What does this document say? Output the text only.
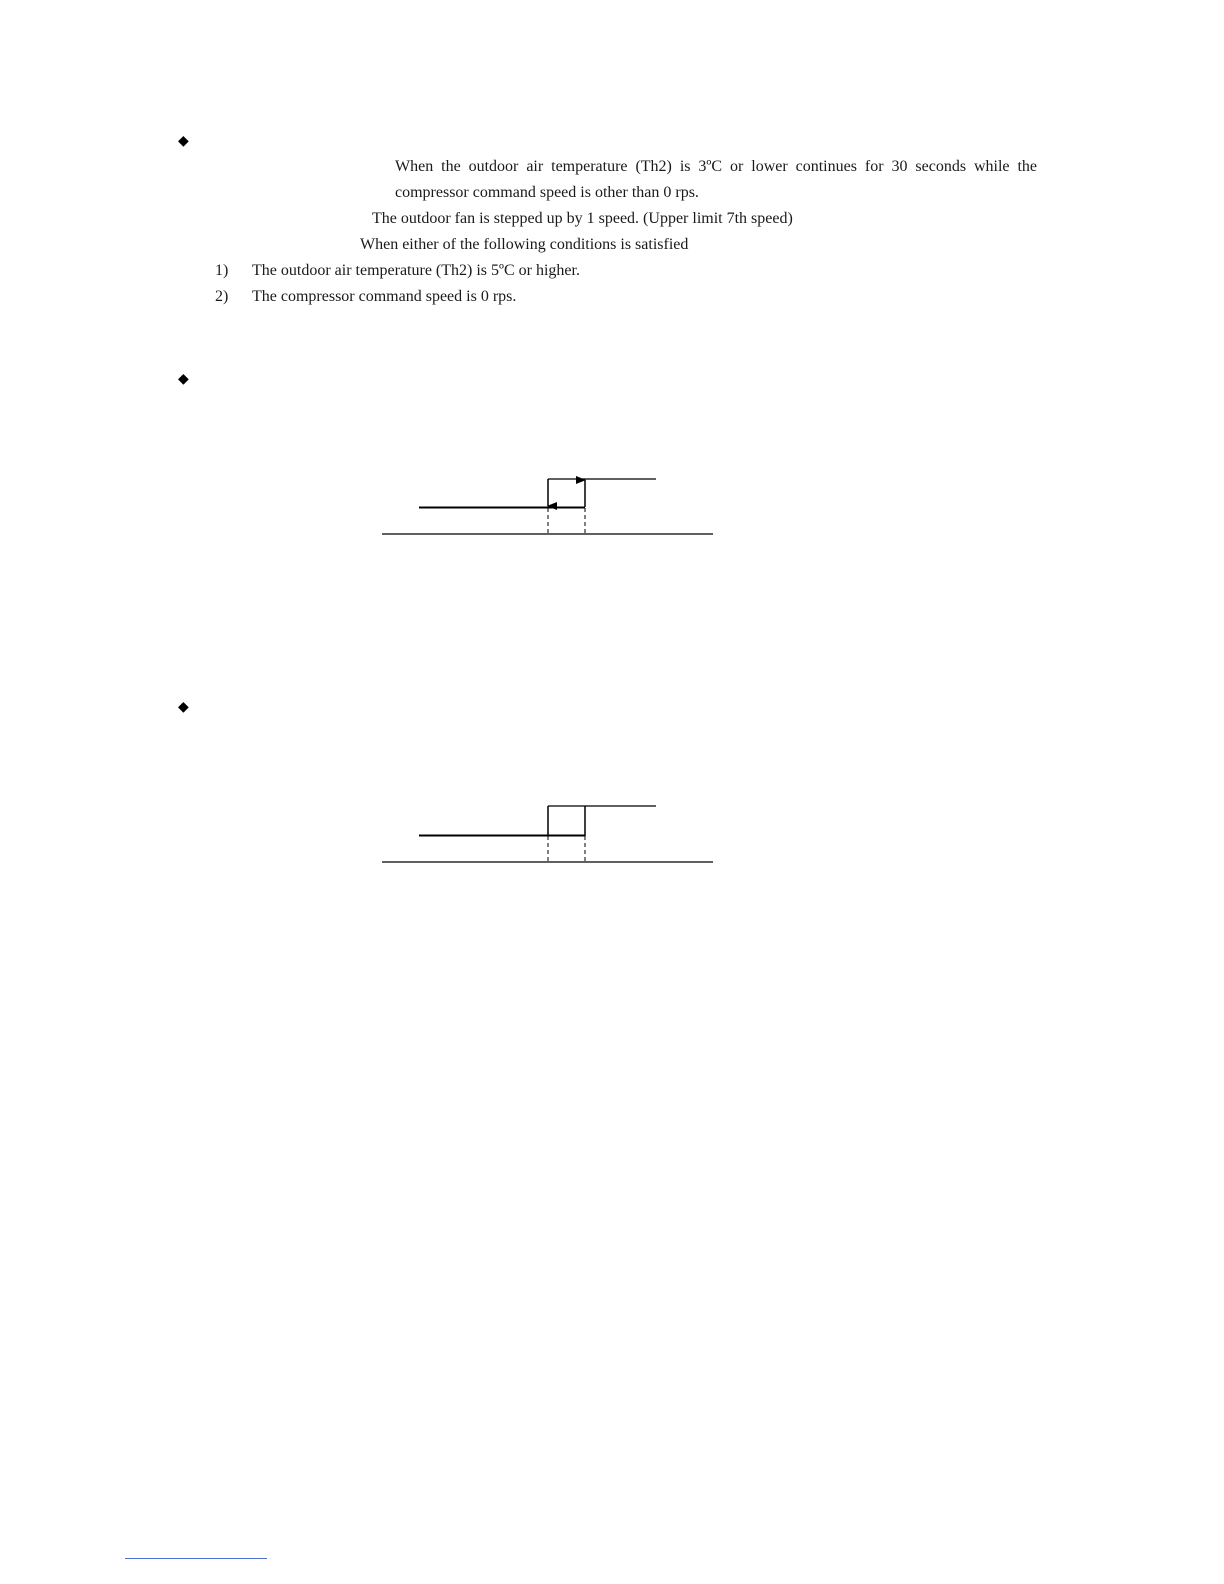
◆
When the outdoor air temperature (Th2) is 3ºC or lower continues for 30 seconds while the
compressor command speed is other than 0 rps.
The outdoor fan is stepped up by 1 speed. (Upper limit 7th speed)
When either of the following conditions is satisfied
1) The outdoor air temperature (Th2) is 5ºC or higher.
2) The compressor command speed is 0 rps.
◆
◆
